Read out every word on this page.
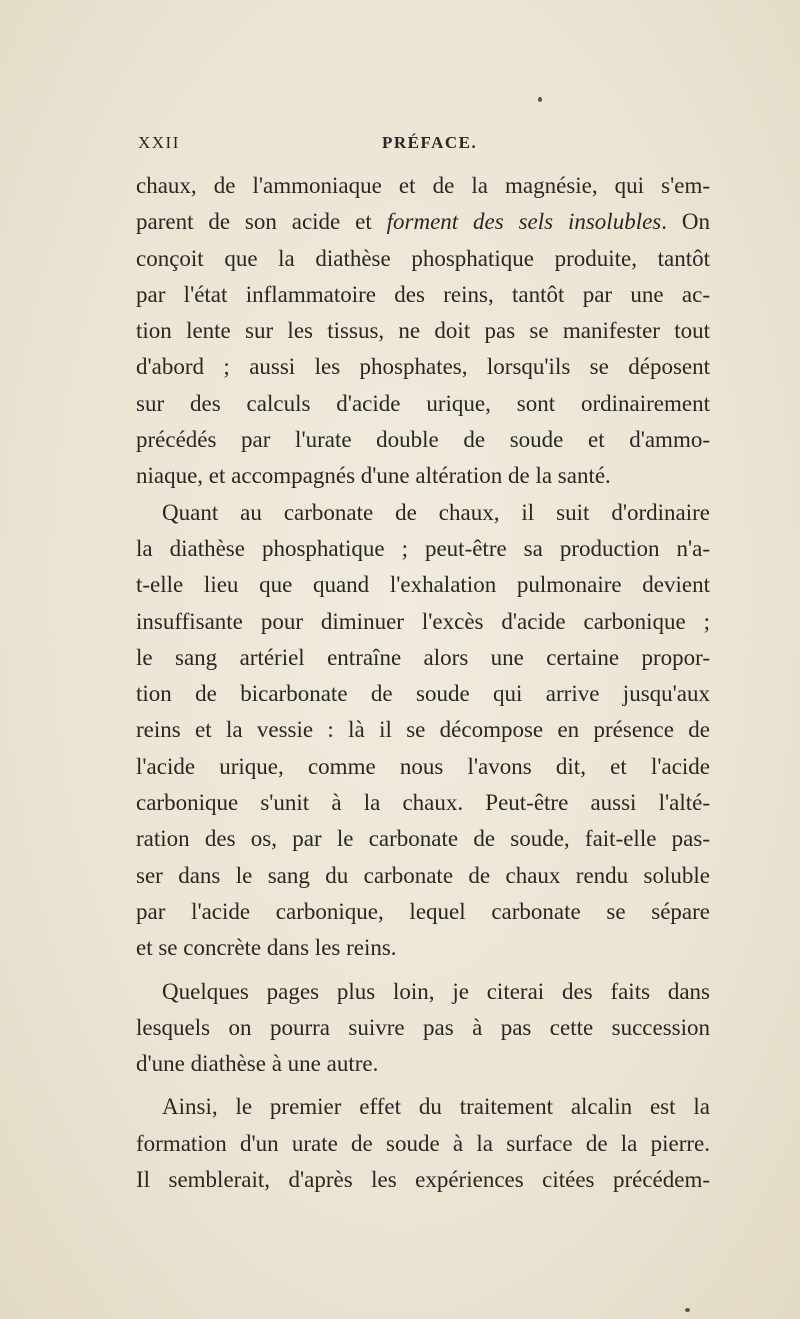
XXII	PRÉFACE.
chaux, de l'ammoniaque et de la magnésie, qui s'em-
parent de son acide et forment des sels insolubles. On
conçoit que la diathèse phosphatique produite, tantôt
par l'état inflammatoire des reins, tantôt par une ac-
tion lente sur les tissus, ne doit pas se manifester tout
d'abord ; aussi les phosphates, lorsqu'ils se déposent
sur des calculs d'acide urique, sont ordinairement
précédés par l'urate double de soude et d'ammo-
niaque, et accompagnés d'une altération de la santé.
Quant au carbonate de chaux, il suit d'ordinaire
la diathèse phosphatique ; peut-être sa production n'a-
t-elle lieu que quand l'exhalation pulmonaire devient
insuffisante pour diminuer l'excès d'acide carbonique ;
le sang artériel entraîne alors une certaine propor-
tion de bicarbonate de soude qui arrive jusqu'aux
reins et la vessie : là il se décompose en présence de
l'acide urique, comme nous l'avons dit, et l'acide
carbonique s'unit à la chaux. Peut-être aussi l'alté-
ration des os, par le carbonate de soude, fait-elle pas-
ser dans le sang du carbonate de chaux rendu soluble
par l'acide carbonique, lequel carbonate se sépare
et se concrète dans les reins.
Quelques pages plus loin, je citerai des faits dans
lesquels on pourra suivre pas à pas cette succession
d'une diathèse à une autre.
Ainsi, le premier effet du traitement alcalin est la
formation d'un urate de soude à la surface de la pierre.
Il semblerait, d'après les expériences citées précédem-
